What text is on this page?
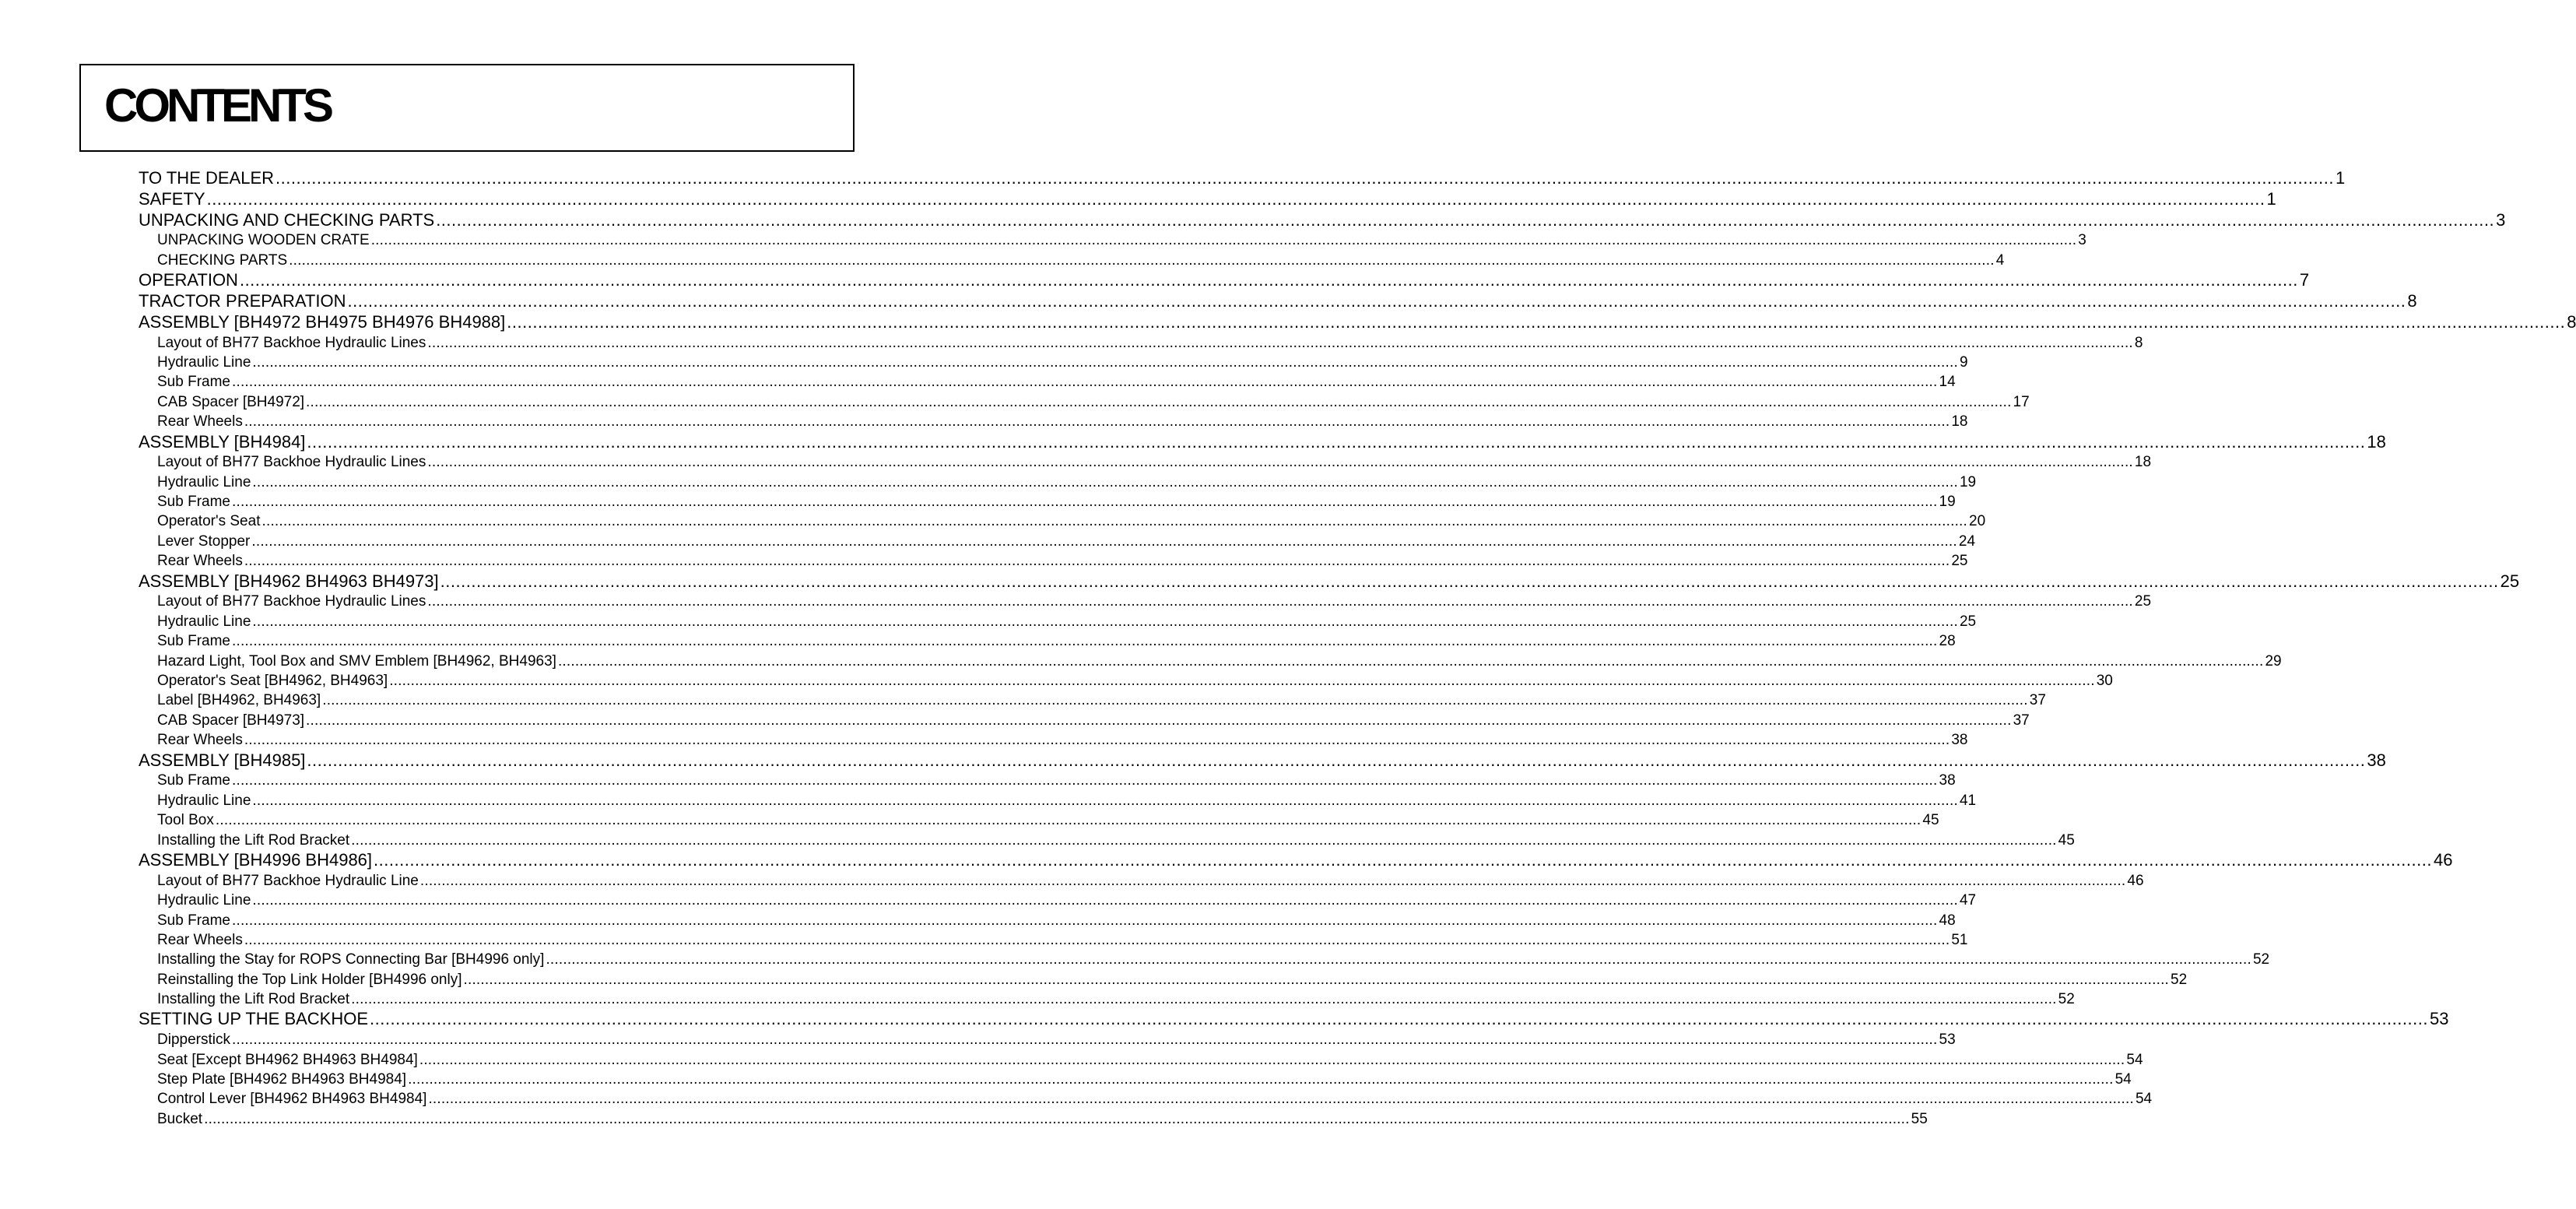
CONTENTS
TO THE DEALER ................................................................................................................................................................................................................................................................................................................................................................................................................ 1
SAFETY ................................................................................................................................................................................................................................................................................................................................................................................................................ 1
UNPACKING AND CHECKING PARTS ................................................................................................................................................................................................................................................................................................................................................................................................................ 3
UNPACKING WOODEN CRATE ................................................................................................................................................................................................................................................................................................................................................................................................................ 3
CHECKING PARTS ................................................................................................................................................................................................................................................................................................................................................................................................................ 4
OPERATION ................................................................................................................................................................................................................................................................................................................................................................................................................ 7
TRACTOR PREPARATION ................................................................................................................................................................................................................................................................................................................................................................................................................ 8
ASSEMBLY [BH4972 BH4975 BH4976 BH4988] ................................................................................................................................................................................................................................................................................................................................................................................................................ 8
Layout of BH77 Backhoe Hydraulic Lines ................................................................................................................................................................................................................................................................................................................................................................................................................ 8
Hydraulic Line ................................................................................................................................................................................................................................................................................................................................................................................................................ 9
Sub Frame ................................................................................................................................................................................................................................................................................................................................................................................................................ 14
CAB Spacer [BH4972] ................................................................................................................................................................................................................................................................................................................................................................................................................ 17
Rear Wheels ................................................................................................................................................................................................................................................................................................................................................................................................................ 18
ASSEMBLY [BH4984] ................................................................................................................................................................................................................................................................................................................................................................................................................ 18
Layout of BH77 Backhoe Hydraulic Lines ................................................................................................................................................................................................................................................................................................................................................................................................................ 18
Hydraulic Line ................................................................................................................................................................................................................................................................................................................................................................................................................ 19
Sub Frame ................................................................................................................................................................................................................................................................................................................................................................................................................ 19
Operator's Seat ................................................................................................................................................................................................................................................................................................................................................................................................................ 20
Lever Stopper ................................................................................................................................................................................................................................................................................................................................................................................................................ 24
Rear Wheels ................................................................................................................................................................................................................................................................................................................................................................................................................ 25
ASSEMBLY [BH4962 BH4963 BH4973] ................................................................................................................................................................................................................................................................................................................................................................................................................ 25
Layout of BH77 Backhoe Hydraulic Lines ................................................................................................................................................................................................................................................................................................................................................................................................................ 25
Hydraulic Line ................................................................................................................................................................................................................................................................................................................................................................................................................ 25
Sub Frame ................................................................................................................................................................................................................................................................................................................................................................................................................ 28
Hazard Light, Tool Box and SMV Emblem [BH4962, BH4963] ................................................................................................................................................................................................................................................................................................................................................................................................................ 29
Operator's Seat [BH4962, BH4963] ................................................................................................................................................................................................................................................................................................................................................................................................................ 30
Label [BH4962, BH4963] ................................................................................................................................................................................................................................................................................................................................................................................................................ 37
CAB Spacer [BH4973] ................................................................................................................................................................................................................................................................................................................................................................................................................ 37
Rear Wheels ................................................................................................................................................................................................................................................................................................................................................................................................................ 38
ASSEMBLY [BH4985] ................................................................................................................................................................................................................................................................................................................................................................................................................ 38
Sub Frame ................................................................................................................................................................................................................................................................................................................................................................................................................ 38
Hydraulic Line ................................................................................................................................................................................................................................................................................................................................................................................................................ 41
Tool Box ................................................................................................................................................................................................................................................................................................................................................................................................................ 45
Installing the Lift Rod Bracket ................................................................................................................................................................................................................................................................................................................................................................................................................ 45
ASSEMBLY [BH4996 BH4986] ................................................................................................................................................................................................................................................................................................................................................................................................................ 46
Layout of BH77 Backhoe Hydraulic Line ................................................................................................................................................................................................................................................................................................................................................................................................................ 46
Hydraulic Line ................................................................................................................................................................................................................................................................................................................................................................................................................ 47
Sub Frame ................................................................................................................................................................................................................................................................................................................................................................................................................ 48
Rear Wheels ................................................................................................................................................................................................................................................................................................................................................................................................................ 51
Installing the Stay for ROPS Connecting Bar [BH4996 only] ................................................................................................................................................................................................................................................................................................................................................................................................................ 52
Reinstalling the Top Link Holder [BH4996 only] ................................................................................................................................................................................................................................................................................................................................................................................................................ 52
Installing the Lift Rod Bracket ................................................................................................................................................................................................................................................................................................................................................................................................................ 52
SETTING UP THE BACKHOE ................................................................................................................................................................................................................................................................................................................................................................................................................ 53
Dipperstick ................................................................................................................................................................................................................................................................................................................................................................................................................ 53
Seat [Except BH4962 BH4963 BH4984] ................................................................................................................................................................................................................................................................................................................................................................................................................ 54
Step Plate [BH4962 BH4963 BH4984] ................................................................................................................................................................................................................................................................................................................................................................................................................ 54
Control Lever [BH4962 BH4963 BH4984] ................................................................................................................................................................................................................................................................................................................................................................................................................ 54
Bucket ................................................................................................................................................................................................................................................................................................................................................................................................................ 55
